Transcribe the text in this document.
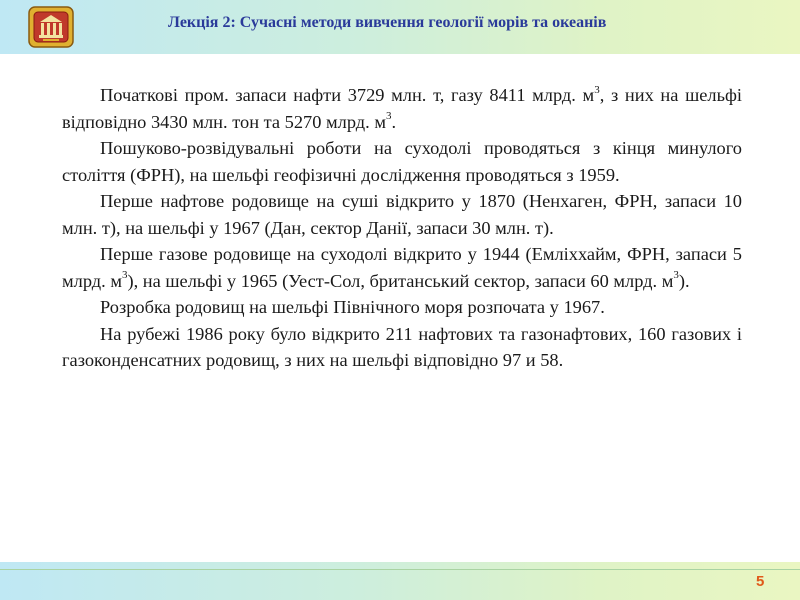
Лекція 2: Сучасні методи вивчення геології морів та океанів

Початкові пром. запаси нафти 3729 млн. т, газу 8411 млрд. $м^3$, з них на шельфі відповідно 3430 млн. тон та 5270 млрд. $м^3$.

Пошуково-розвідувальні роботи на суходолі проводяться з кінця минулого століття (ФРН), на шельфі геофізичні дослідження проводяться з 1959.

Перше нафтове родовище на суші відкрито у 1870 (Ненхаген, ФРН, запаси 10 млн. т), на шельфі у 1967 (Дан, сектор Данії, запаси 30 млн. т).

Перше газове родовище на суходолі відкрито у 1944 (Емліххайм, ФРН, запаси 5 млрд. $м^3$), на шельфі у 1965 (Уест-Сол, британський сектор, запаси 60 млрд. $м^3$).

Розробка родовищ на шельфі Північного моря розпочата у 1967.

На рубежі 1986 року було відкрито 211 нафтових та газонафтових, 160 газових і газоконденсатних родовищ, з них на шельфі відповідно 97 и 58.

5
